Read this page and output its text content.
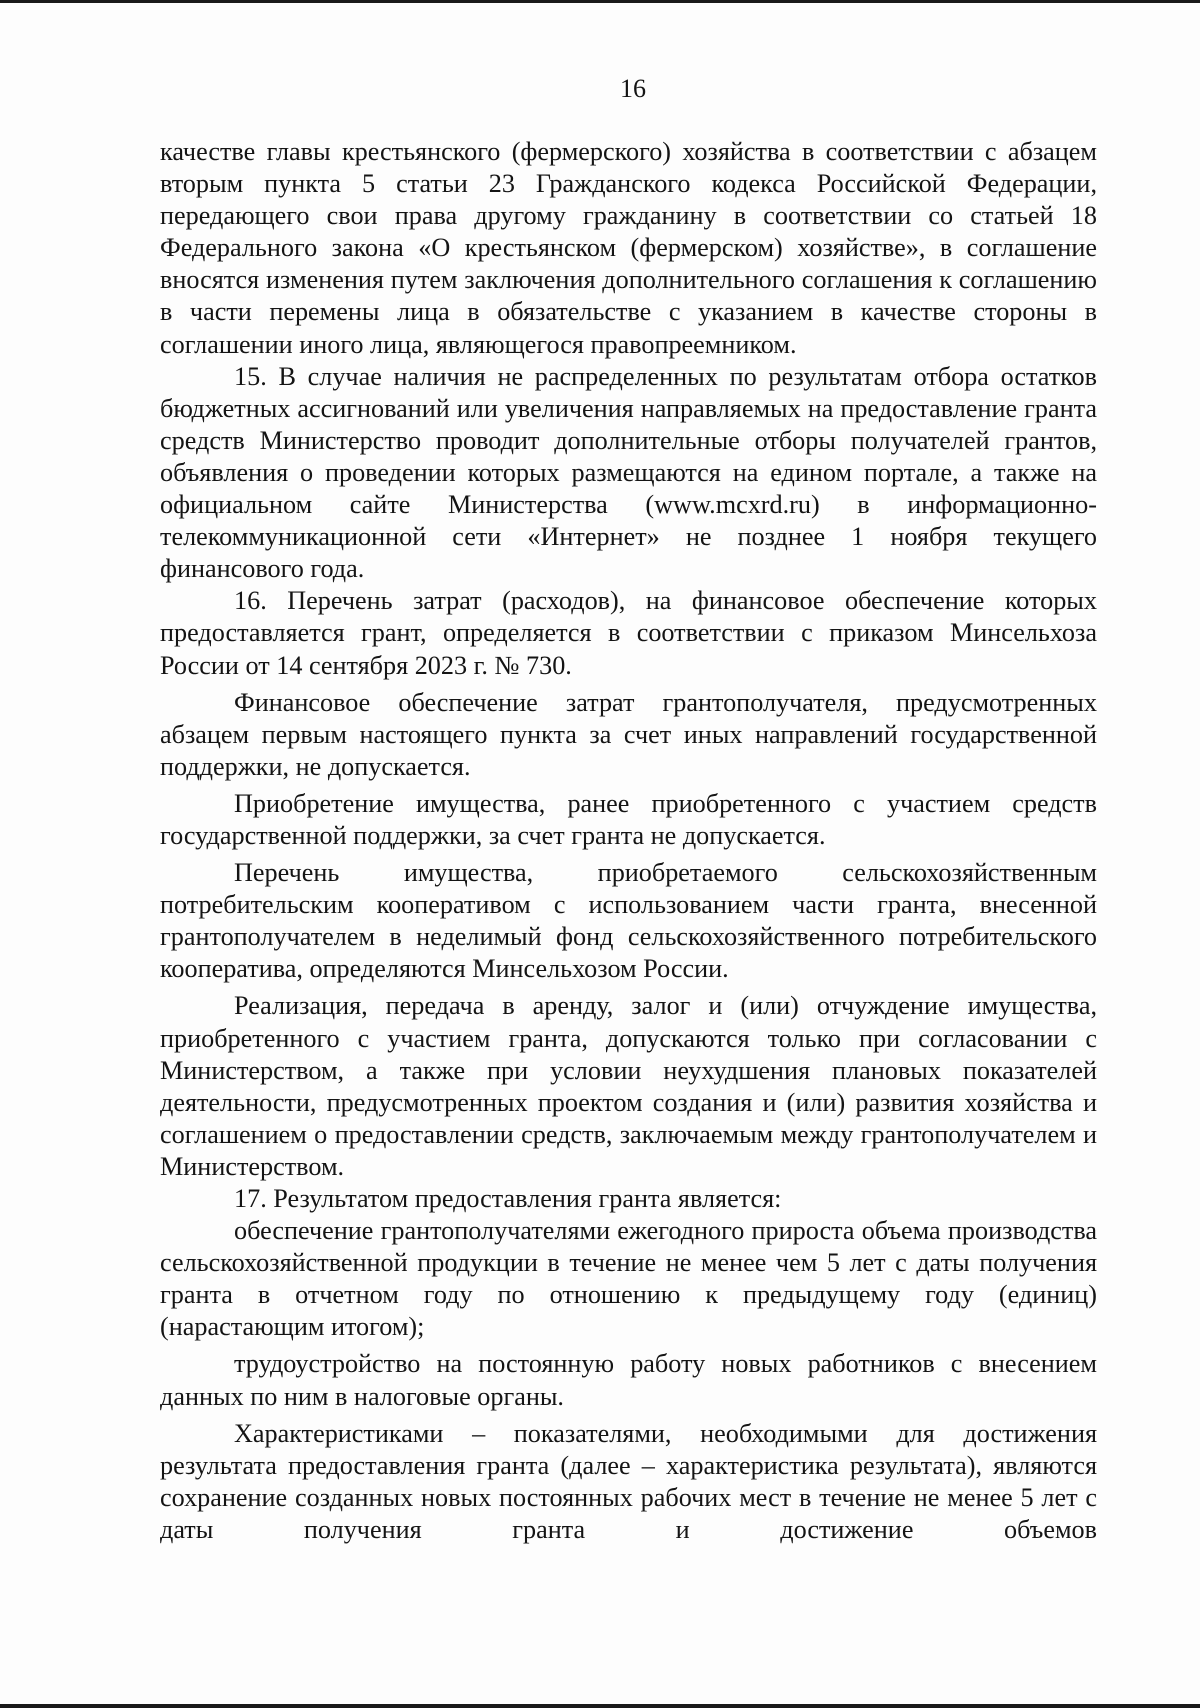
16

качестве главы крестьянского (фермерского) хозяйства в соответствии с абзацем вторым пункта 5 статьи 23 Гражданского кодекса Российской Федерации, передающего свои права другому гражданину в соответствии со статьей 18 Федерального закона «О крестьянском (фермерском) хозяйстве», в соглашение вносятся изменения путем заключения дополнительного соглашения к соглашению в части перемены лица в обязательстве с указанием в качестве стороны в соглашении иного лица, являющегося правопреемником.

15. В случае наличия не распределенных по результатам отбора остатков бюджетных ассигнований или увеличения направляемых на предоставление гранта средств Министерство проводит дополнительные отборы получателей грантов, объявления о проведении которых размещаются на едином портале, а также на официальном сайте Министерства (www.mcxrd.ru) в информационно-телекоммуникационной сети «Интернет» не позднее 1 ноября текущего финансового года.

16. Перечень затрат (расходов), на финансовое обеспечение которых предоставляется грант, определяется в соответствии с приказом Минсельхоза России от 14 сентября 2023 г. № 730.

Финансовое обеспечение затрат грантополучателя, предусмотренных абзацем первым настоящего пункта за счет иных направлений государственной поддержки, не допускается.

Приобретение имущества, ранее приобретенного с участием средств государственной поддержки, за счет гранта не допускается.

Перечень имущества, приобретаемого сельскохозяйственным потребительским кооперативом с использованием части гранта, внесенной грантополучателем в неделимый фонд сельскохозяйственного потребительского кооператива, определяются Минсельхозом России.

Реализация, передача в аренду, залог и (или) отчуждение имущества, приобретенного с участием гранта, допускаются только при согласовании с Министерством, а также при условии неухудшения плановых показателей деятельности, предусмотренных проектом создания и (или) развития хозяйства и соглашением о предоставлении средств, заключаемым между грантополучателем и Министерством.

17. Результатом предоставления гранта является:

обеспечение грантополучателями ежегодного прироста объема производства сельскохозяйственной продукции в течение не менее чем 5 лет с даты получения гранта в отчетном году по отношению к предыдущему году (единиц) (нарастающим итогом);

трудоустройство на постоянную работу новых работников с внесением данных по ним в налоговые органы.

Характеристиками – показателями, необходимыми для достижения результата предоставления гранта (далее – характеристика результата), являются сохранение созданных новых постоянных рабочих мест в течение не менее 5 лет с даты получения гранта и достижение объемов
